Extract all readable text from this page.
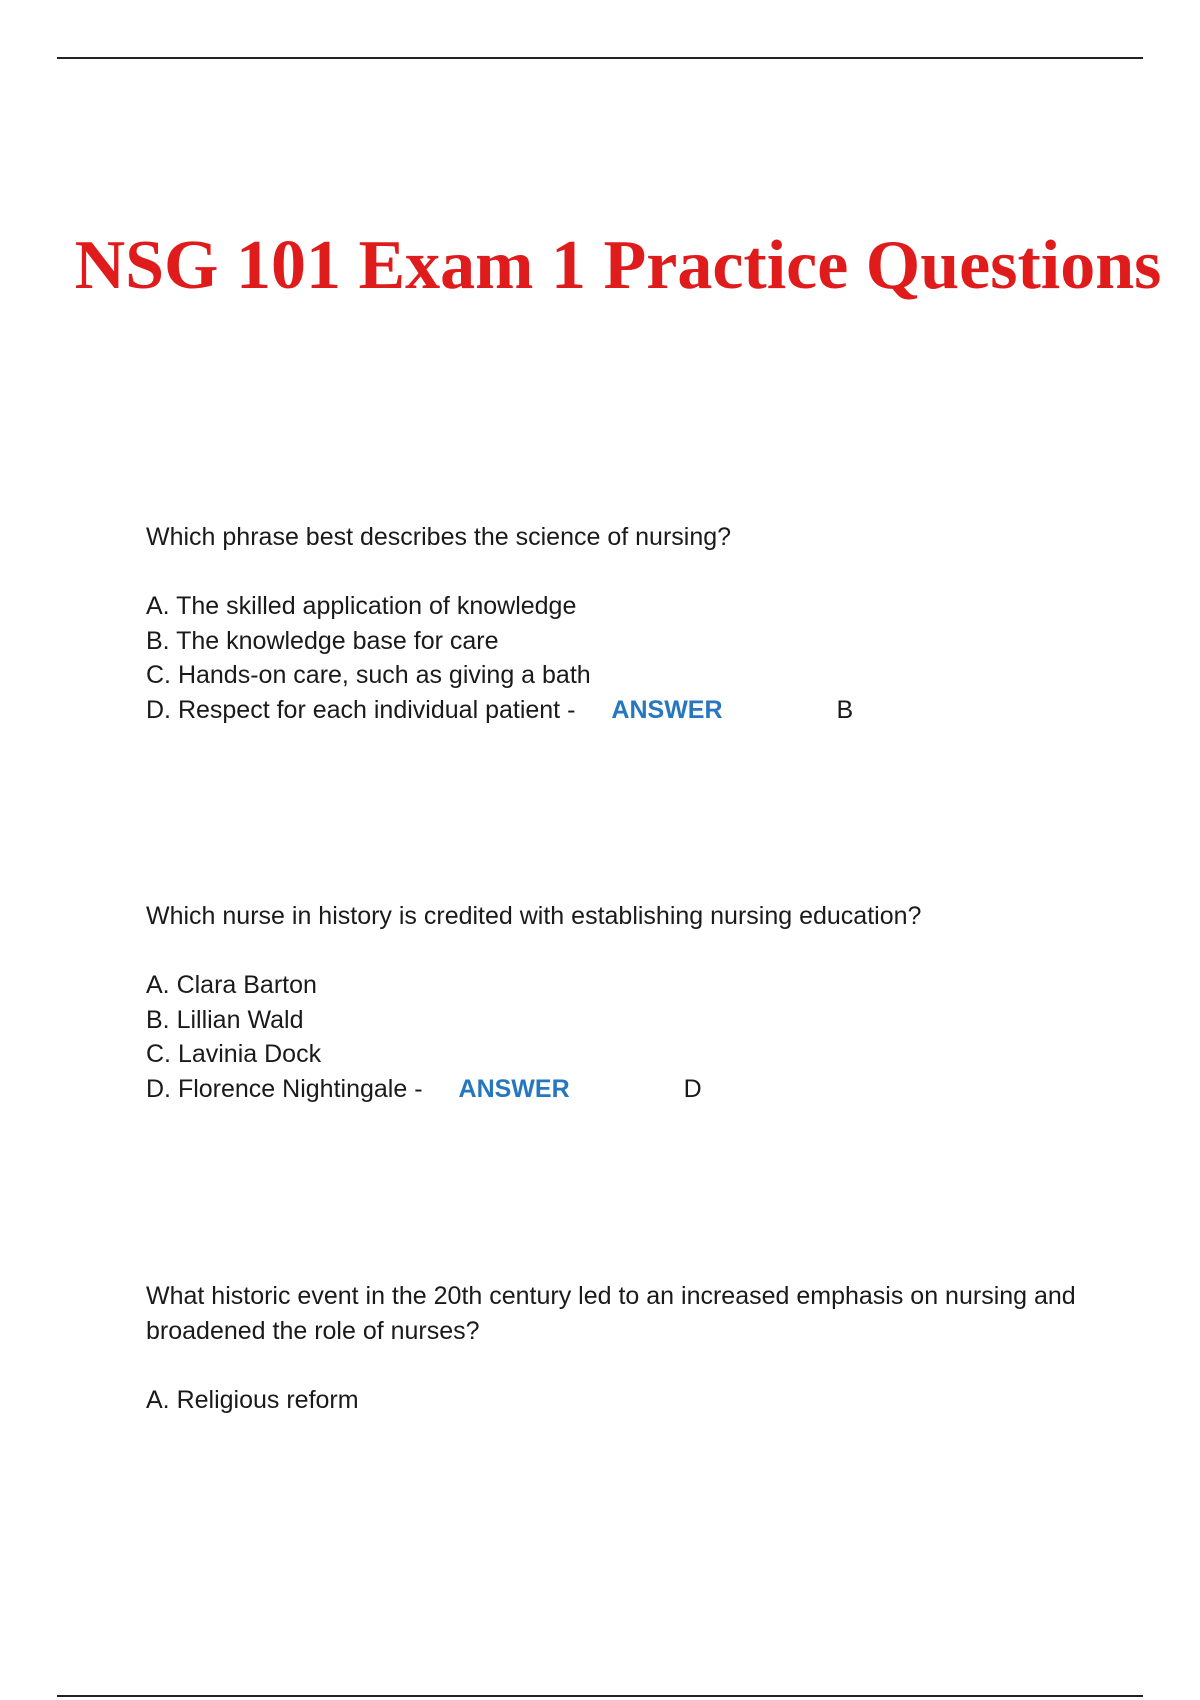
NSG 101 Exam 1 Practice Questions

Which phrase best describes the science of nursing?

A. The skilled application of knowledge
B. The knowledge base for care
C. Hands-on care, such as giving a bath
D. Respect for each individual patient - ANSWER	B

Which nurse in history is credited with establishing nursing education?

A. Clara Barton
B. Lillian Wald
C. Lavinia Dock
D. Florence Nightingale - ANSWER	D

What historic event in the 20th century led to an increased emphasis on nursing and broadened the role of nurses?

A. Religious reform
